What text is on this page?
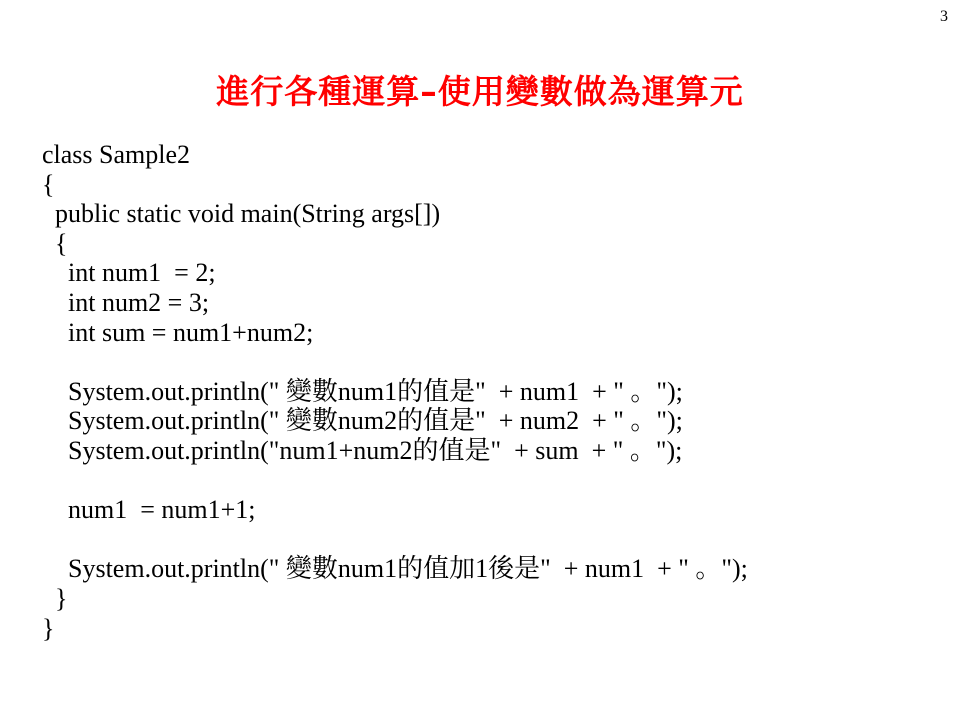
3
進行各種運算–使用變數做為運算元
class Sample2
{
public static void main(String args[])
{
int num1  = 2;
int num2 = 3;
int sum = num1+num2;
System.out.println(" 變數num1的值是"  + num1  + " 。");
System.out.println(" 變數num2的值是"  + num2  + " 。");
System.out.println("num1+num2的值是"  + sum  + " 。");
num1  = num1+1;
System.out.println(" 變數num1的值加1後是"  + num1  + " 。");
}
}
